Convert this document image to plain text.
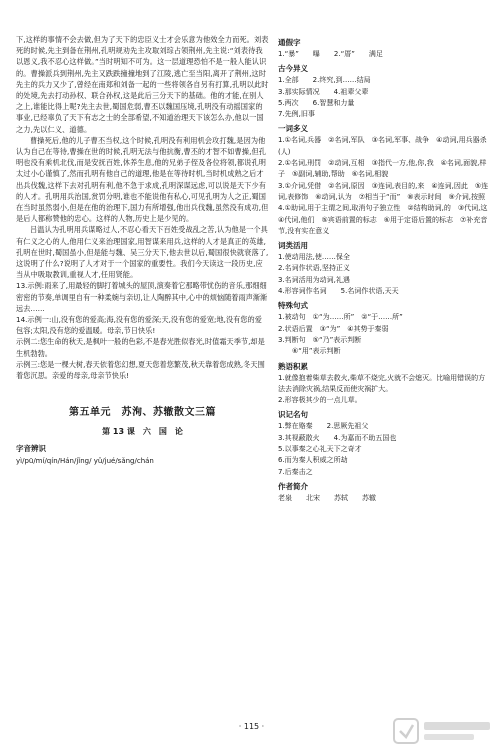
下,这样的事情不会去做,但为了天下的忠臣义士才会乐意为他效全力而死。刘表死的时候,先主到备在荆州,孔明规劝先主攻取刘琮占领荆州,先主说:“刘表待我以恩义,我不忍心这样做。”当时明知不可为。这一层道理恐怕不是一般人能认识的。曹操派兵到荆州,先主又跌跌撞撞地到了江陵,逃亡至当阳,离开了荆州,这时先主的兵力又少了,曾经在南郑和刘备一起的一些将领各自另有打算,孔明以此时的处境,先去打动孙权、联合孙权,这是此后三分天下的基础。他的才能,在别人之上,谁能比得上呢?先主去世,蜀国危弱,曹丕以魏国压境,孔明没有动摇国家的事业,已经辜负了天下有志之士的全部希望,不知道治理天下该怎么办,他以一国之力,先以仁义、道德。

曹操死后,他的儿子曹丕当权,这个时候,孔明没有利用机会攻打魏,是因为他认为自己在等待,曹操在世的时候,孔明无法与他抗衡,曹丕的才智不如曹操,但孔明也没有乘机北伐,而是安抚百姓,休养生息,他的兄弟子侄及各位将领,都说孔明太过小心谨慎了,然而孔明有他自己的道理,他是在等待时机,当时机成熟之后才出兵伐魏,这样下去对孔明有利,他不急于求成,孔明深谋远虑,可以说是天下少有的人才。孔明用兵治国,赏罚分明,谁也不能说他有私心,可见孔明为人之正,蜀国在当时虽然弱小,但是在他的治理下,国力有所增强,他出兵伐魏,虽然没有成功,但是后人都称赞他的忠心。这样的人物,历史上是少见的。

吕温认为孔明用兵谋略过人,不忍心看天下百姓受战乱之苦,认为他是一个具有仁义之心的人,他用仁义来治理国家,用智谋来用兵,这样的人才是真正的英雄,孔明在世时,蜀国虽小,但是能与魏、吴三分天下,他去世以后,蜀国很快就衰落了,这说明了什么?说明了人才对于一个国家的重要性。我们今天读这一段历史,应当从中吸取教训,重视人才,任用贤能。

13.示例:雨来了,用最轻的脚打着城头的屋顶,演奏着它那略带忧伤的音乐,那细细密密的节奏,单调里自有一种柔婉与亲切,让人陶醉其中,心中的烦恼随着雨声渐渐远去……

14.示例一:山,没有您的爱高;海,没有您的爱深;天,没有您的爱宽;地,没有您的爱包容;太阳,没有您的爱温暖。母亲,节日快乐!

示例二:您生命的秋天,是枫叶一般的色彩,不是春光胜似春光,时值霜天季节,却是生机勃勃。

示例三:您是一棵大树,春天依着您幻想,夏天您着您繁茂,秋天靠着您成熟,冬天围着您沉思。亲爱的母亲,母亲节快乐!

第五单元　苏洵、苏辙散文三篇
第 13 课　六　国　论
字音辨识
yì/pū/mí/qín/Hán/jǐng/ yǔ/jué/sǎng/chán
通假字

1.“暴”　　曝　　2.“厝”　　满足

古今异义

1.全部　　2.终究,到……结局

3.那实际情况　　4.祖辈父辈

5.两次　　6.智慧和力量

7.先例,旧事

一词多义

1.①名词,兵器　②名词,军队　③名词,军事、战争　④动词,用兵器杀(人)

2.①名词,刑罚　②动词,互相　③指代一方,他,你,我　④名词,面貌,样子　⑤副词,辅助,帮助　⑥名词,相貌

3.①介词,凭借　②名词,原因　③连词,表目的,来　④连词,因此　⑤连词,表修饰　⑥动词,认为　⑦相当于“而”　⑧表示时间　⑨介词,按照

4.①助词,用于主谓之间,取消句子独立性　②结构助词,的　③代词,这　④代词,他们　⑤宾语前置的标志　⑥用于定语后置的标志　⑦补充音节,没有实在意义

词类活用

1.使动用法,使……保全

2.名词作状语,坚持正义

3.名词活用为动词,礼遇

4.形容词作名词　　5.名词作状语,天天

特殊句式

1.被动句　①“为……所”　②“于……所”

2.状语后置　③“为”　④其势于秦弱

3.判断句　⑤“乃”表示判断

　　⑥“用”表示判断

熟语积累

1.就像抱着柴草去救火,柴草不烧完,火就不会熄灭。比喻用错误的方法去消除灾祸,结果反而使灾祸扩大。

2.形容极其少的一点儿草。

识记名句

1.弊在赂秦　　2.思厥先祖父

3.其视蔽散火　　4.为嘉而不助五国也

5.以事秦之心礼天下之奇才

6.而为秦人积威之所劫

7.后秦击之

作者简介

老泉　　北宋　　苏轼　　苏辙

· 115 ·
